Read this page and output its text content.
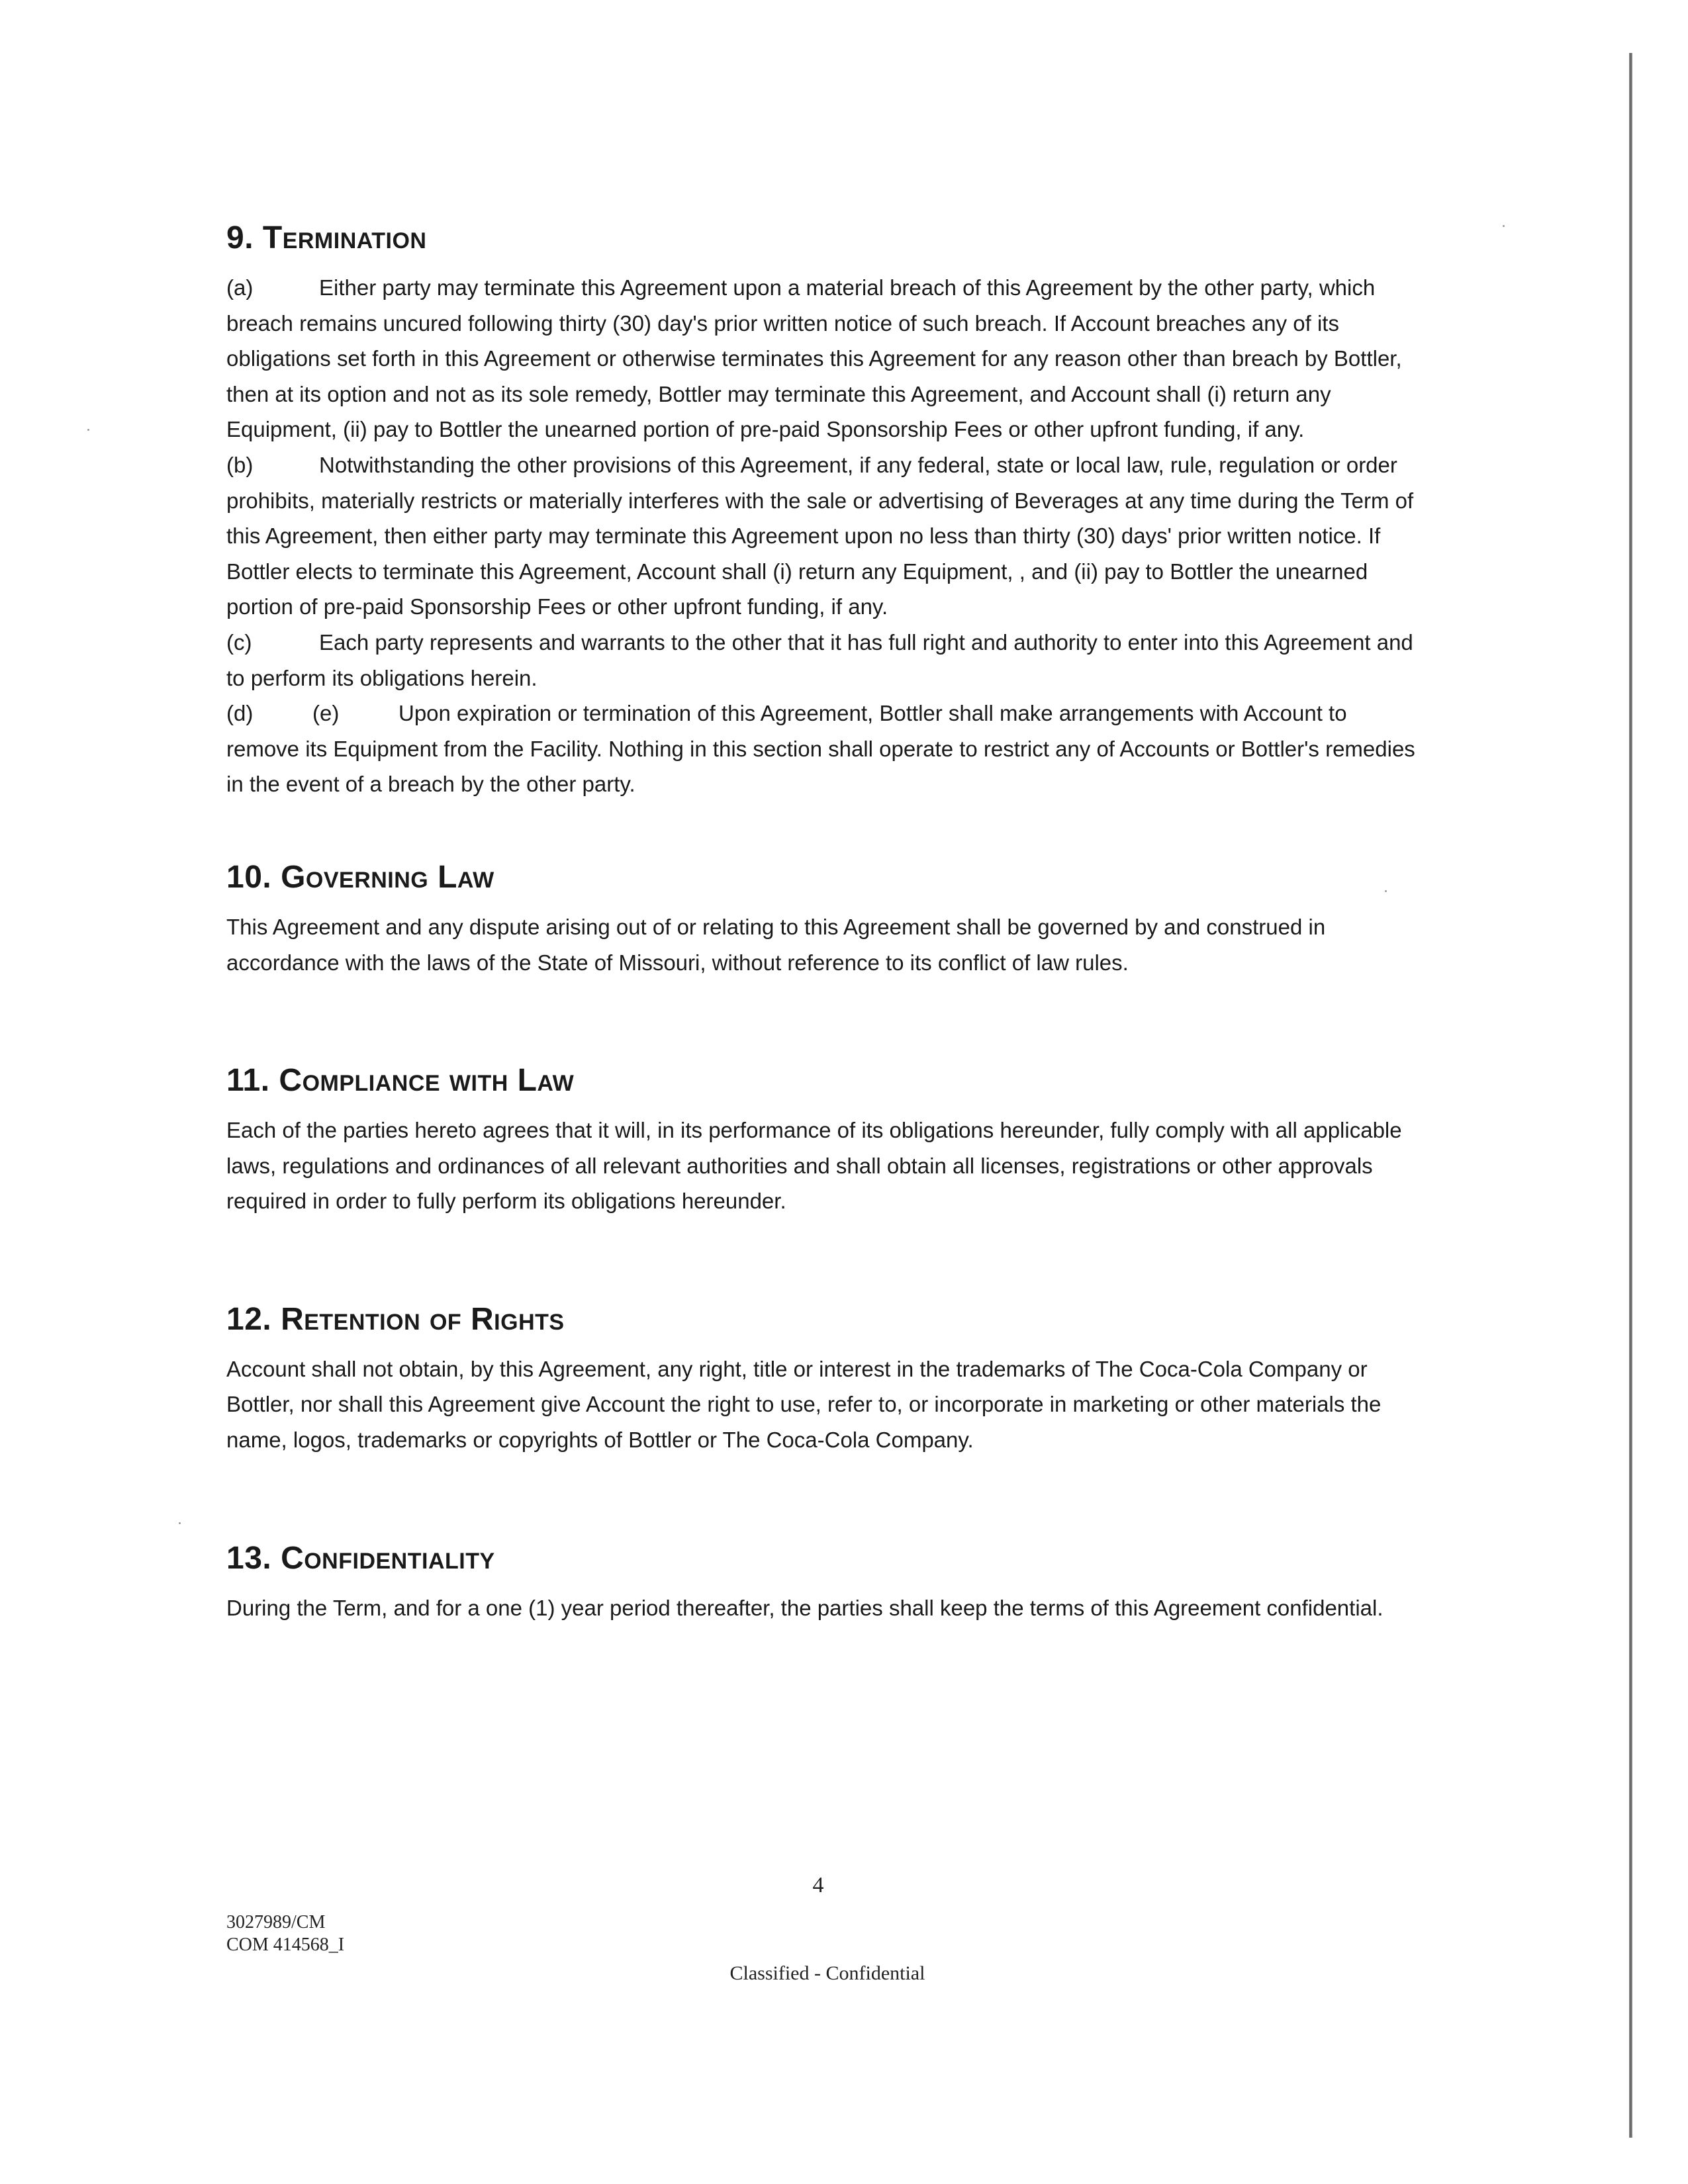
9. Termination

(a)	Either party may terminate this Agreement upon a material breach of this Agreement by the other party, which breach remains uncured following thirty (30) day's prior written notice of such breach. If Account breaches any of its obligations set forth in this Agreement or otherwise terminates this Agreement for any reason other than breach by Bottler, then at its option and not as its sole remedy, Bottler may terminate this Agreement, and Account shall (i) return any Equipment, (ii) pay to Bottler the unearned portion of pre-paid Sponsorship Fees or other upfront funding, if any.

(b)	Notwithstanding the other provisions of this Agreement, if any federal, state or local law, rule, regulation or order prohibits, materially restricts or materially interferes with the sale or advertising of Beverages at any time during the Term of this Agreement, then either party may terminate this Agreement upon no less than thirty (30) days' prior written notice. If Bottler elects to terminate this Agreement, Account shall (i) return any Equipment, , and (ii) pay to Bottler the unearned portion of pre-paid Sponsorship Fees or other upfront funding, if any.

(c)	Each party represents and warrants to the other that it has full right and authority to enter into this Agreement and to perform its obligations herein.

(d)	(e)	Upon expiration or termination of this Agreement, Bottler shall make arrangements with Account to remove its Equipment from the Facility. Nothing in this section shall operate to restrict any of Accounts or Bottler's remedies in the event of a breach by the other party.

10. Governing Law

This Agreement and any dispute arising out of or relating to this Agreement shall be governed by and construed in accordance with the laws of the State of Missouri, without reference to its conflict of law rules.

11. Compliance with Law

Each of the parties hereto agrees that it will, in its performance of its obligations hereunder, fully comply with all applicable laws, regulations and ordinances of all relevant authorities and shall obtain all licenses, registrations or other approvals required in order to fully perform its obligations hereunder.

12. Retention of Rights

Account shall not obtain, by this Agreement, any right, title or interest in the trademarks of The Coca-Cola Company or Bottler, nor shall this Agreement give Account the right to use, refer to, or incorporate in marketing or other materials the name, logos, trademarks or copyrights of Bottler or The Coca-Cola Company.

13. Confidentiality

During the Term, and for a one (1) year period thereafter, the parties shall keep the terms of this Agreement confidential.

4
3027989/CM
COM 414568_I
Classified - Confidential
